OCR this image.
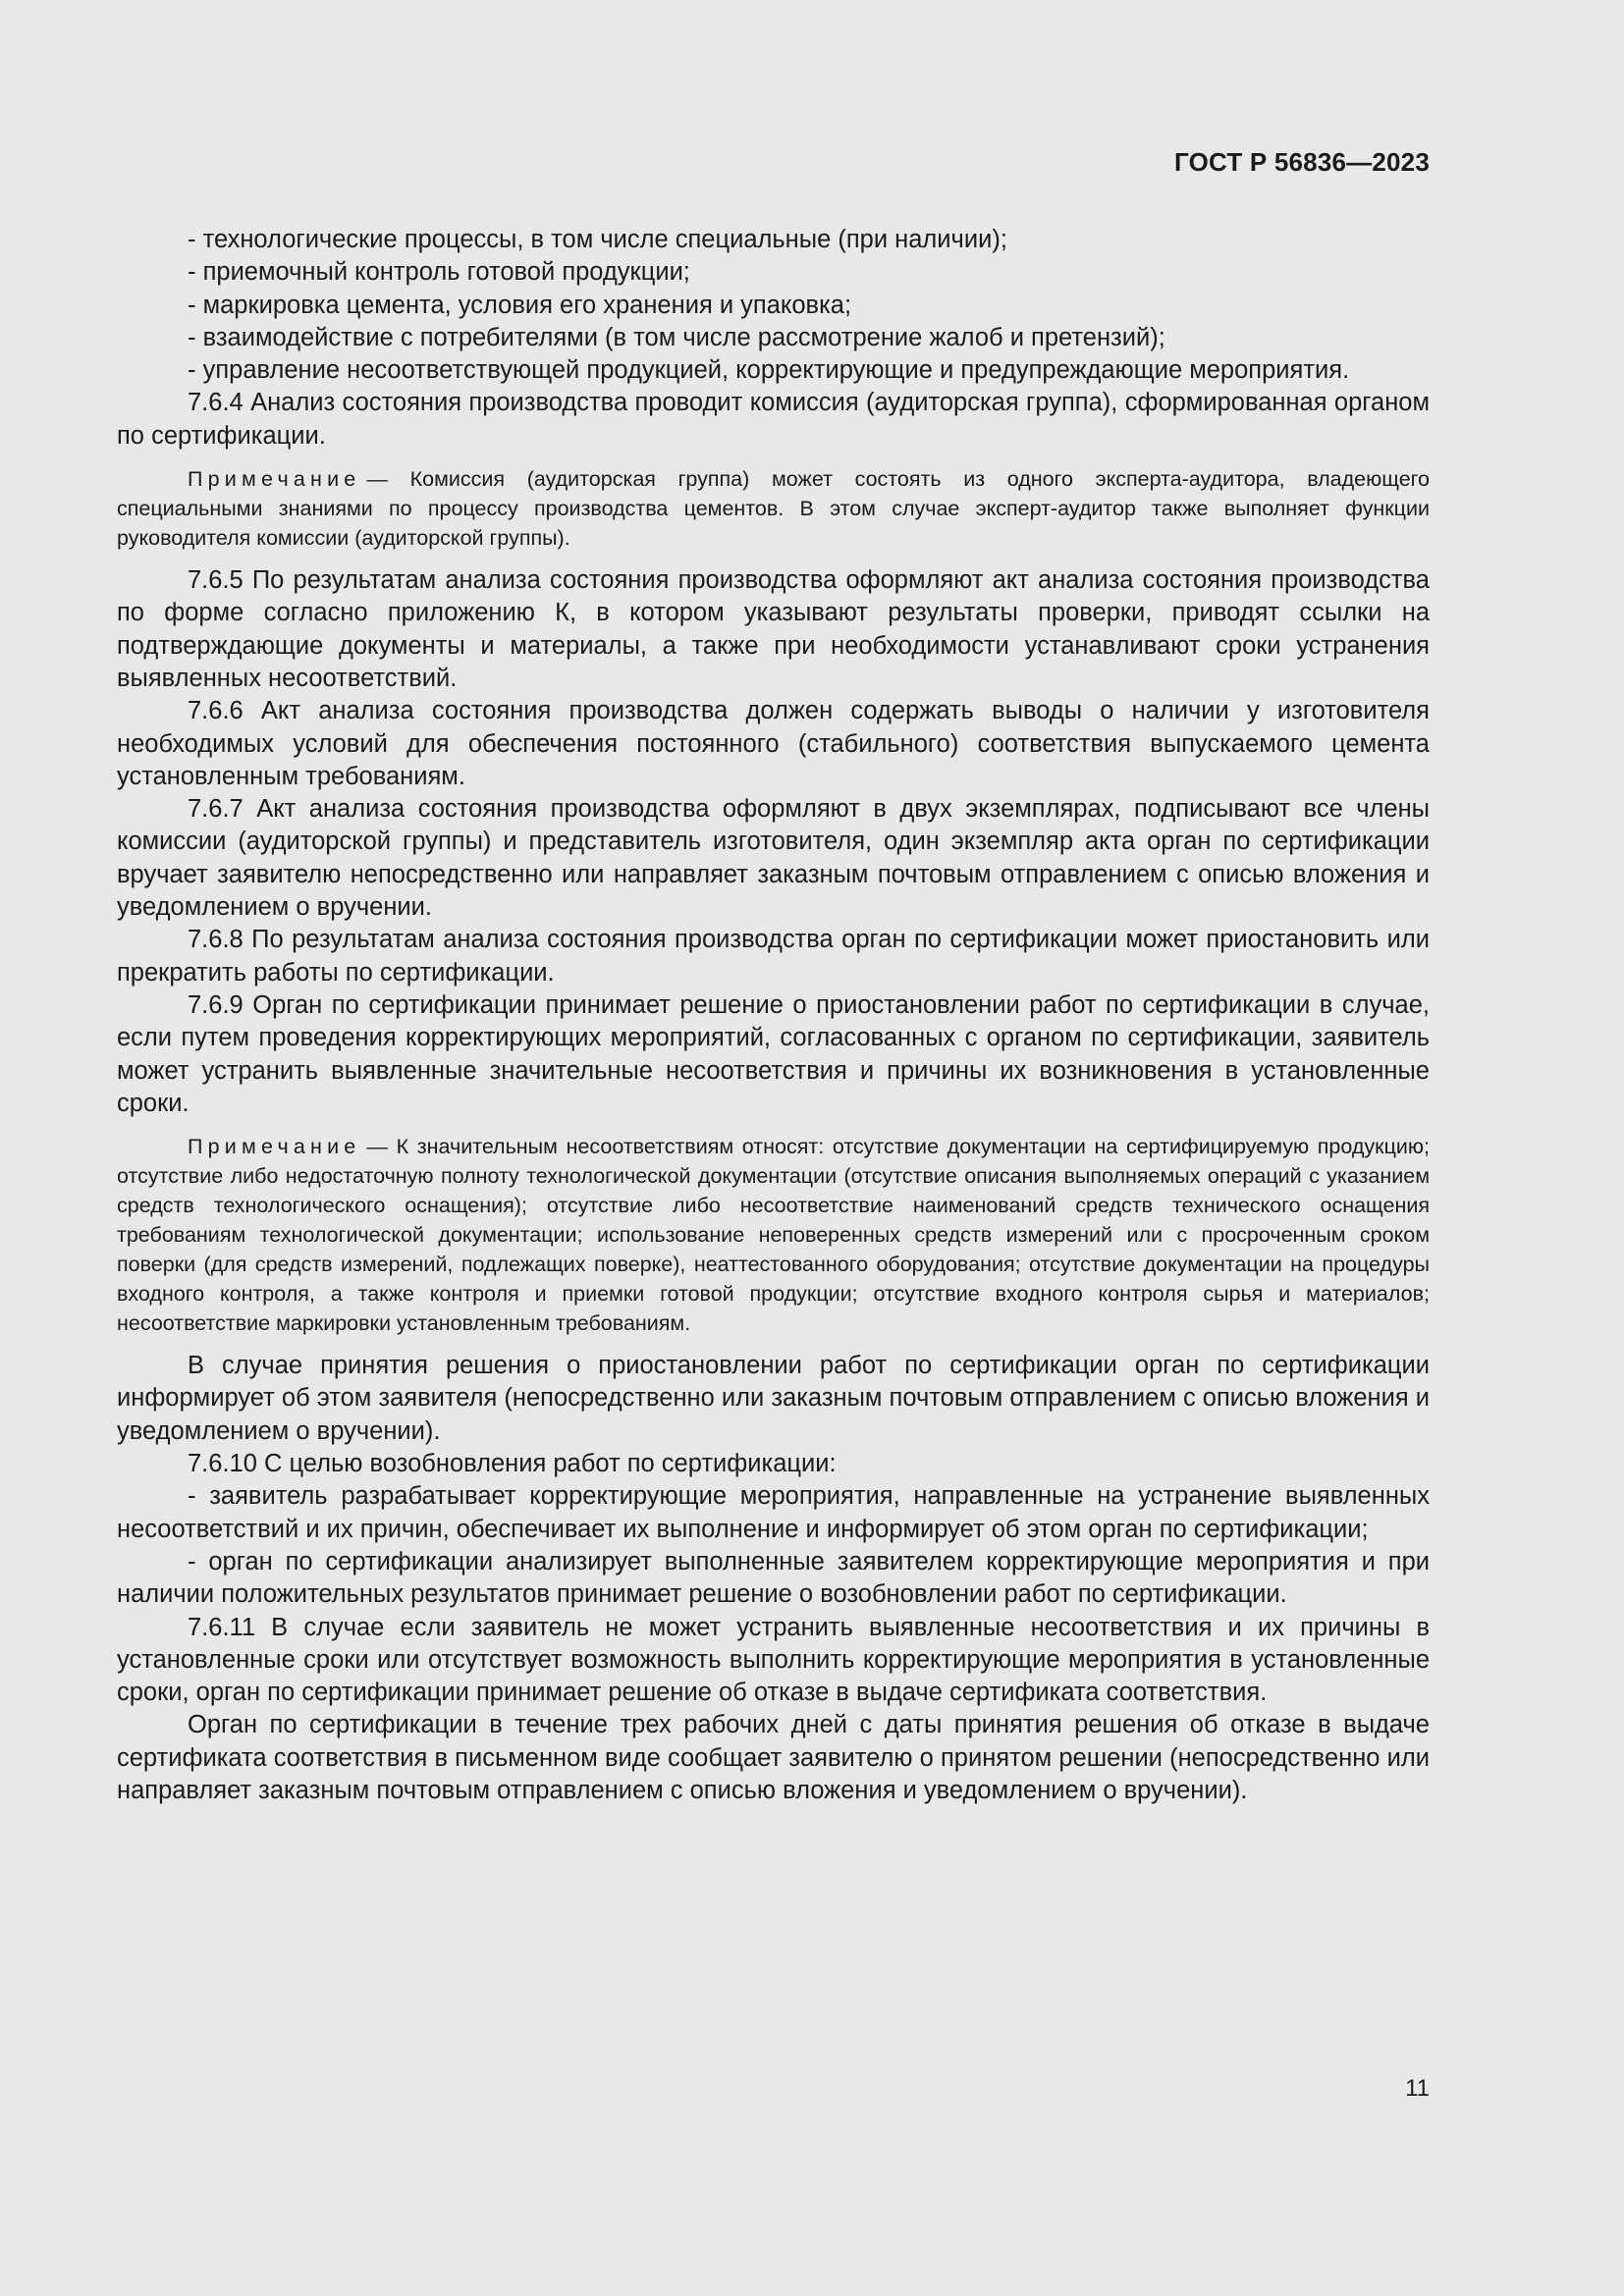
ГОСТ Р 56836—2023

- технологические процессы, в том числе специальные (при наличии);

- приемочный контроль готовой продукции;

- маркировка цемента, условия его хранения и упаковка;

- взаимодействие с потребителями (в том числе рассмотрение жалоб и претензий);

- управление несоответствующей продукцией, корректирующие и предупреждающие мероприятия.

7.6.4 Анализ состояния производства проводит комиссия (аудиторская группа), сформированная органом по сертификации.

Примечание — Комиссия (аудиторская группа) может состоять из одного эксперта-аудитора, владеющего специальными знаниями по процессу производства цементов. В этом случае эксперт-аудитор также выполняет функции руководителя комиссии (аудиторской группы).

7.6.5 По результатам анализа состояния производства оформляют акт анализа состояния производства по форме согласно приложению К, в котором указывают результаты проверки, приводят ссылки на подтверждающие документы и материалы, а также при необходимости устанавливают сроки устранения выявленных несоответствий.

7.6.6 Акт анализа состояния производства должен содержать выводы о наличии у изготовителя необходимых условий для обеспечения постоянного (стабильного) соответствия выпускаемого цемента установленным требованиям.

7.6.7 Акт анализа состояния производства оформляют в двух экземплярах, подписывают все члены комиссии (аудиторской группы) и представитель изготовителя, один экземпляр акта орган по сертификации вручает заявителю непосредственно или направляет заказным почтовым отправлением с описью вложения и уведомлением о вручении.

7.6.8 По результатам анализа состояния производства орган по сертификации может приостановить или прекратить работы по сертификации.

7.6.9 Орган по сертификации принимает решение о приостановлении работ по сертификации в случае, если путем проведения корректирующих мероприятий, согласованных с органом по сертификации, заявитель может устранить выявленные значительные несоответствия и причины их возникновения в установленные сроки.

Примечание — К значительным несоответствиям относят: отсутствие документации на сертифицируемую продукцию; отсутствие либо недостаточную полноту технологической документации (отсутствие описания выполняемых операций с указанием средств технологического оснащения); отсутствие либо несоответствие наименований средств технического оснащения требованиям технологической документации; использование неповеренных средств измерений или с просроченным сроком поверки (для средств измерений, подлежащих поверке), неаттестованного оборудования; отсутствие документации на процедуры входного контроля, а также контроля и приемки готовой продукции; отсутствие входного контроля сырья и материалов; несоответствие маркировки установленным требованиям.

В случае принятия решения о приостановлении работ по сертификации орган по сертификации информирует об этом заявителя (непосредственно или заказным почтовым отправлением с описью вложения и уведомлением о вручении).

7.6.10 С целью возобновления работ по сертификации:

- заявитель разрабатывает корректирующие мероприятия, направленные на устранение выявленных несоответствий и их причин, обеспечивает их выполнение и информирует об этом орган по сертификации;

- орган по сертификации анализирует выполненные заявителем корректирующие мероприятия и при наличии положительных результатов принимает решение о возобновлении работ по сертификации.

7.6.11 В случае если заявитель не может устранить выявленные несоответствия и их причины в установленные сроки или отсутствует возможность выполнить корректирующие мероприятия в установленные сроки, орган по сертификации принимает решение об отказе в выдаче сертификата соответствия.

Орган по сертификации в течение трех рабочих дней с даты принятия решения об отказе в выдаче сертификата соответствия в письменном виде сообщает заявителю о принятом решении (непосредственно или направляет заказным почтовым отправлением с описью вложения и уведомлением о вручении).

11
